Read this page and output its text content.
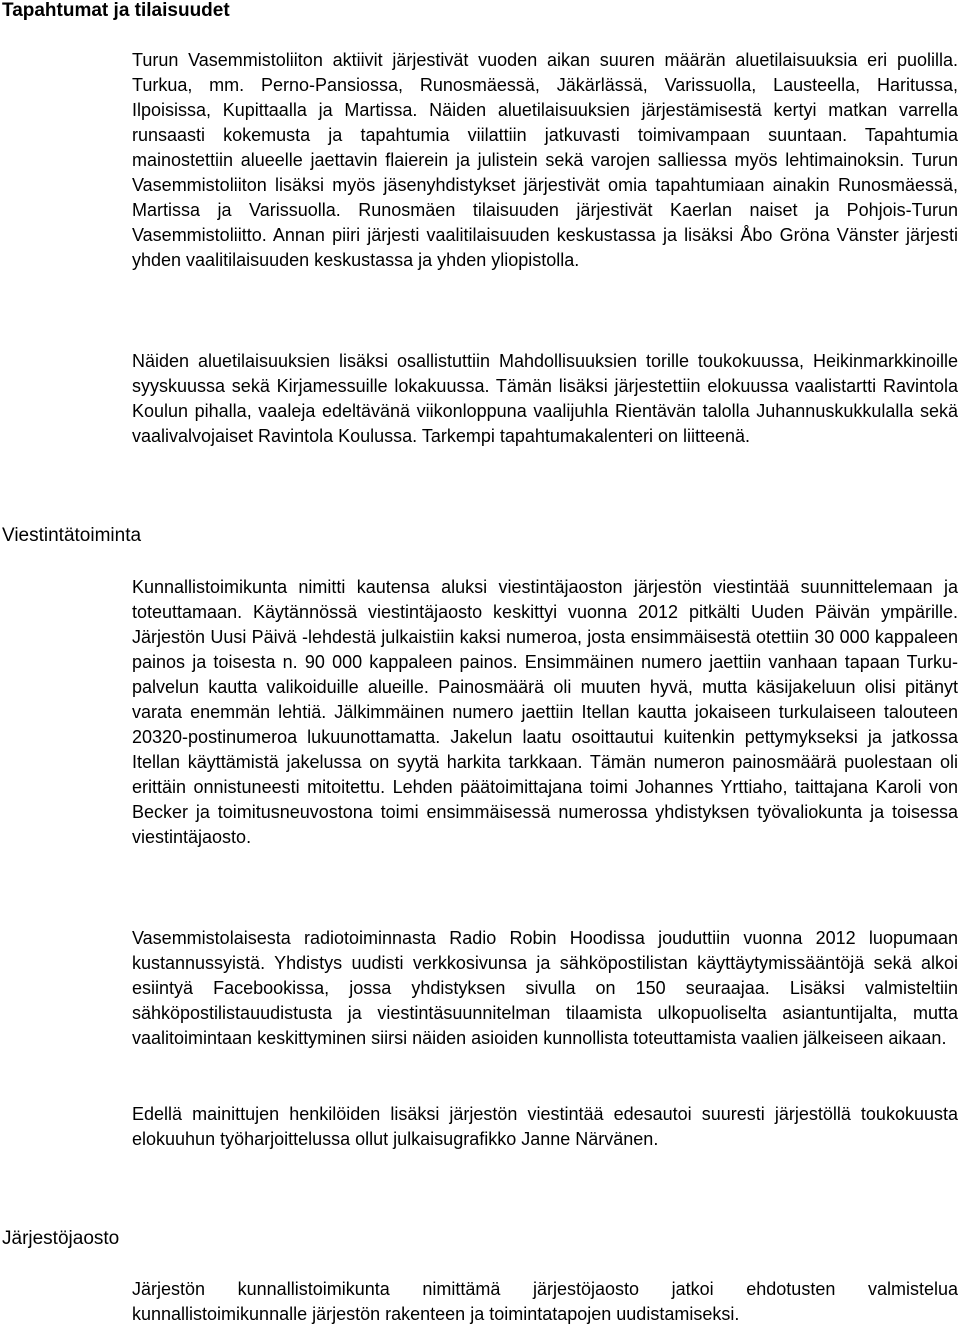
Tapahtumat ja tilaisuudet

Turun Vasemmistoliiton aktiivit järjestivät vuoden aikan suuren määrän aluetilaisuuksia eri puolilla. Turkua, mm. Perno-Pansiossa, Runosmäessä, Jäkärlässä, Varissuolla, Lausteella, Haritussa, Ilpoisissa, Kupittaalla ja Martissa. Näiden aluetilaisuuksien järjestämisestä kertyi matkan varrella runsaasti kokemusta ja tapahtumia viilattiin jatkuvasti toimivampaan suuntaan. Tapahtumia mainostettiin alueelle jaettavin flaierein ja julistein sekä varojen salliessa myös lehtimainoksin. Turun Vasemmistoliiton lisäksi myös jäsenyhdistykset järjestivät omia tapahtumiaan ainakin Runosmäessä, Martissa ja Varissuolla. Runosmäen tilaisuuden järjestivät Kaerlan naiset ja Pohjois-Turun Vasemmistoliitto. Annan piiri järjesti vaalitilaisuuden keskustassa ja lisäksi Åbo Gröna Vänster järjesti yhden vaalitilaisuuden keskustassa ja yhden yliopistolla.

Näiden aluetilaisuuksien lisäksi osallistuttiin Mahdollisuuksien torille toukokuussa, Heikinmarkkinoille syyskuussa sekä Kirjamessuille lokakuussa. Tämän lisäksi järjestettiin elokuussa vaalistartti Ravintola Koulun pihalla, vaaleja edeltävänä viikonloppuna vaalijuhla Rientävän talolla Juhannuskukkulalla sekä vaalivalvojaiset Ravintola Koulussa. Tarkempi tapahtumakalenteri on liitteenä.

Viestintätoiminta

Kunnallistoimikunta nimitti kautensa aluksi viestintäjaoston järjestön viestintää suunnittelemaan ja toteuttamaan. Käytännössä viestintäjaosto keskittyi vuonna 2012 pitkälti Uuden Päivän ympärille. Järjestön Uusi Päivä -lehdestä julkaistiin kaksi numeroa, josta ensimmäisestä otettiin 30 000 kappaleen painos ja toisesta n. 90 000 kappaleen painos. Ensimmäinen numero jaettiin vanhaan tapaan Turku-palvelun kautta valikoiduille alueille. Painosmäärä oli muuten hyvä, mutta käsijakeluun olisi pitänyt varata enemmän lehtiä. Jälkimmäinen numero jaettiin Itellan kautta jokaiseen turkulaiseen talouteen 20320-postinumeroa lukuunottamatta. Jakelun laatu osoittautui kuitenkin pettymykseksi ja jatkossa Itellan käyttämistä jakelussa on syytä harkita tarkkaan. Tämän numeron painosmäärä puolestaan oli erittäin onnistuneesti mitoitettu. Lehden päätoimittajana toimi Johannes Yrttiaho, taittajana Karoli von Becker ja toimitusneuvostona toimi ensimmäisessä numerossa yhdistyksen työvaliokunta ja toisessa viestintäjaosto.

Vasemmistolaisesta radiotoiminnasta Radio Robin Hoodissa jouduttiin vuonna 2012 luopumaan kustannussyistä. Yhdistys uudisti verkkosivunsa ja sähköpostilistan käyttäytymissääntöjä sekä alkoi esiintyä Facebookissa, jossa yhdistyksen sivulla on 150 seuraajaa. Lisäksi valmisteltiin sähköpostilistauudistusta ja viestintäsuunnitelman tilaamista ulkopuoliselta asiantuntijalta, mutta vaalitoimintaan keskittyminen siirsi näiden asioiden kunnollista toteuttamista vaalien jälkeiseen aikaan.

Edellä mainittujen henkilöiden lisäksi järjestön viestintää edesautoi suuresti järjestöllä toukokuusta elokuuhun työharjoittelussa ollut julkaisugrafikko Janne Närvänen.

Järjestöjaosto

Järjestön kunnallistoimikunta nimittämä järjestöjaosto jatkoi ehdotusten valmistelua kunnallistoimikunnalle järjestön rakenteen ja toimintatapojen uudistamiseksi.
